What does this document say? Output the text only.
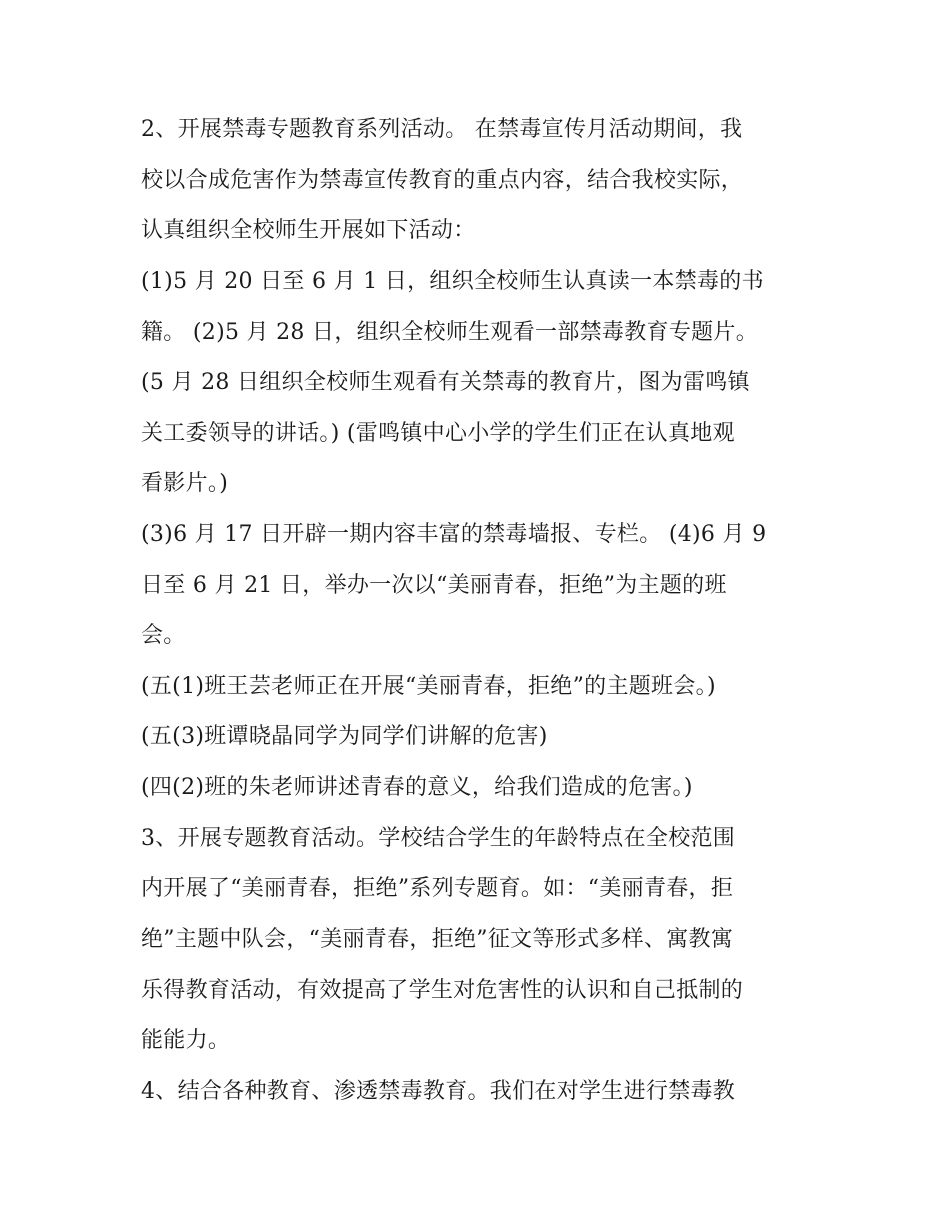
2、开展禁毒专题教育系列活动。 在禁毒宣传月活动期间，我
校以合成危害作为禁毒宣传教育的重点内容，结合我校实际，
认真组织全校师生开展如下活动：
(1)5 月 20 日至 6 月 1 日，组织全校师生认真读一本禁毒的书
籍。 (2)5 月 28 日，组织全校师生观看一部禁毒教育专题片。
(5 月 28 日组织全校师生观看有关禁毒的教育片，图为雷鸣镇
关工委领导的讲话。) (雷鸣镇中心小学的学生们正在认真地观
看影片。)
(3)6 月 17 日开辟一期内容丰富的禁毒墙报、专栏。 (4)6 月 9
日至 6 月 21 日，举办一次以“美丽青春，拒绝”为主题的班
会。
(五(1)班王芸老师正在开展“美丽青春，拒绝”的主题班会。)
(五(3)班谭晓晶同学为同学们讲解的危害)
(四(2)班的朱老师讲述青春的意义，给我们造成的危害。)
3、开展专题教育活动。学校结合学生的年龄特点在全校范围
内开展了“美丽青春，拒绝”系列专题育。如：“美丽青春，拒
绝”主题中队会，“美丽青春，拒绝”征文等形式多样、寓教寓
乐得教育活动，有效提高了学生对危害性的认识和自己抵制的
能能力。
4、结合各种教育、渗透禁毒教育。我们在对学生进行禁毒教
